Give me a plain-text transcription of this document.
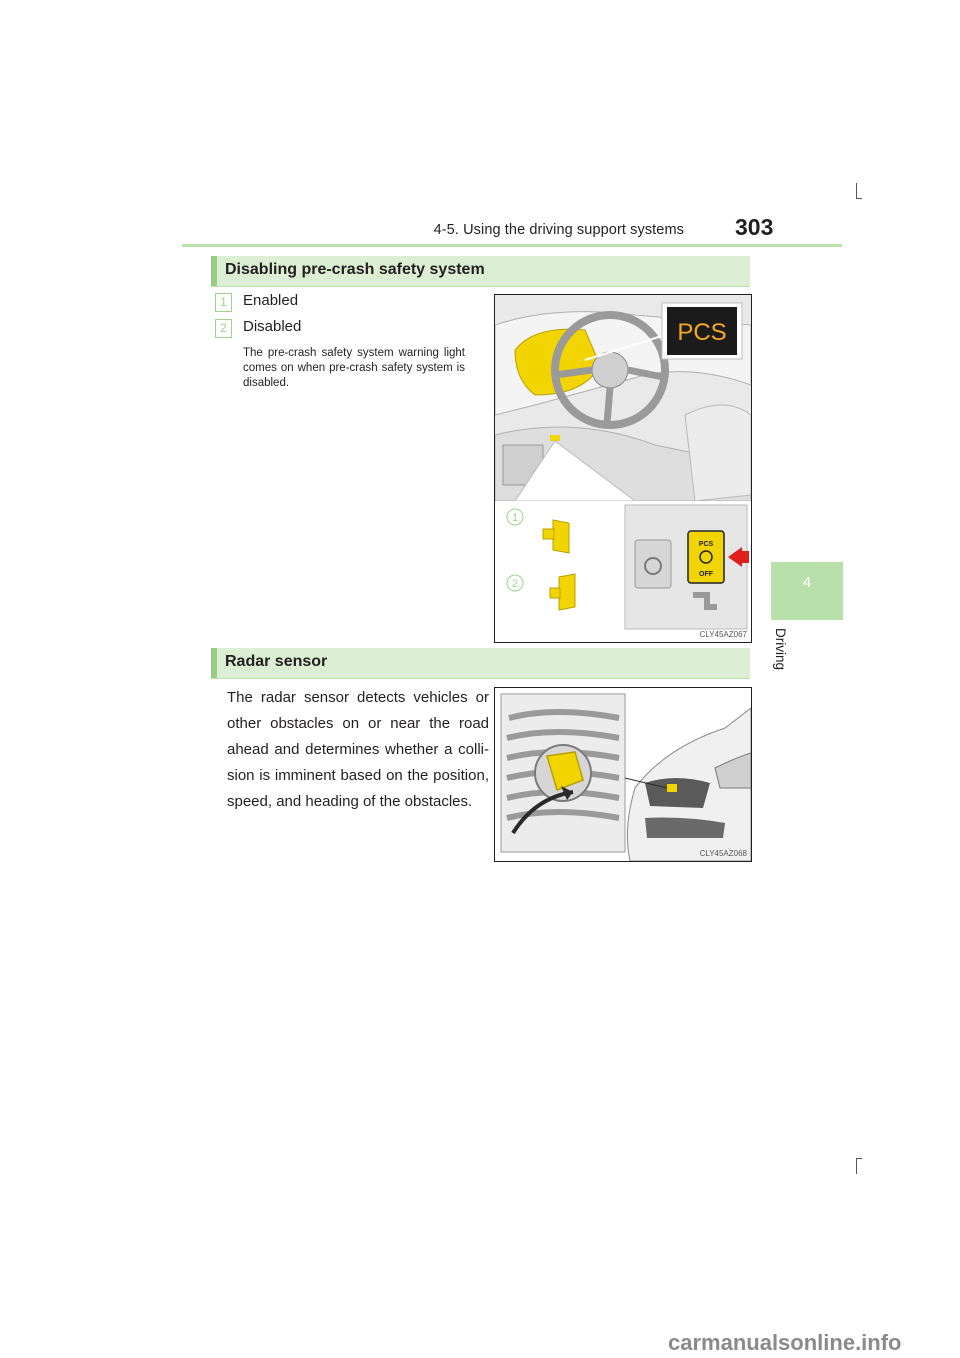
4-5. Using the driving support systems 303
4
Driving
Disabling pre-crash safety system
1	Enabled
2	Disabled
The pre-crash safety system warning light comes on when pre-crash safety system is disabled.
PCS
PCS
OFF
1
2
CLY45AZ067
Radar sensor
The radar sensor detects vehicles or other obstacles on or near the road ahead and determines whether a colli- sion is imminent based on the position, speed, and heading of the obstacles.
CLY45AZ068
carmanualsonline.info
